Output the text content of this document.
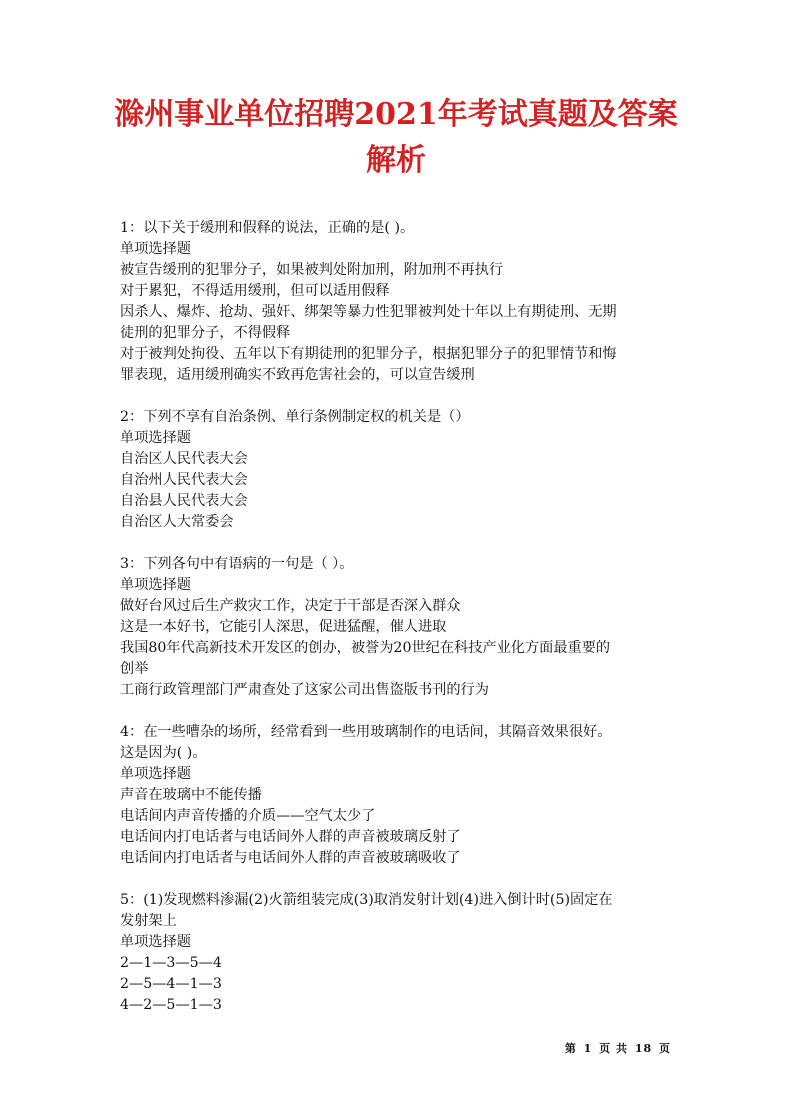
滁州事业单位招聘2021年考试真题及答案
解析

1：以下关于缓刑和假释的说法，正确的是( )。

单项选择题

被宣告缓刑的犯罪分子，如果被判处附加刑，附加刑不再执行

对于累犯，不得适用缓刑，但可以适用假释

因杀人、爆炸、抢劫、强奸、绑架等暴力性犯罪被判处十年以上有期徒刑、无期

徒刑的犯罪分子，不得假释

对于被判处拘役、五年以下有期徒刑的犯罪分子，根据犯罪分子的犯罪情节和悔

罪表现，适用缓刑确实不致再危害社会的，可以宣告缓刑

2：下列不享有自治条例、单行条例制定权的机关是（）

单项选择题

自治区人民代表大会

自治州人民代表大会

自治县人民代表大会

自治区人大常委会

3：下列各句中有语病的一句是（ ）。

单项选择题

做好台风过后生产救灾工作，决定于干部是否深入群众

这是一本好书，它能引人深思，促进猛醒，催人进取

我国80年代高新技术开发区的创办，被誉为20世纪在科技产业化方面最重要的

创举

工商行政管理部门严肃查处了这家公司出售盗版书刊的行为

4：在一些嘈杂的场所，经常看到一些用玻璃制作的电话间，其隔音效果很好。

这是因为( )。

单项选择题

声音在玻璃中不能传播

电话间内声音传播的介质——空气太少了

电话间内打电话者与电话间外人群的声音被玻璃反射了

电话间内打电话者与电话间外人群的声音被玻璃吸收了

5：(1)发现燃料渗漏(2)火箭组装完成(3)取消发射计划(4)进入倒计时(5)固定在

发射架上

单项选择题

2—1—3—5—4

2—5—4—1—3

4—2—5—1—3

第 1 页 共 18 页
